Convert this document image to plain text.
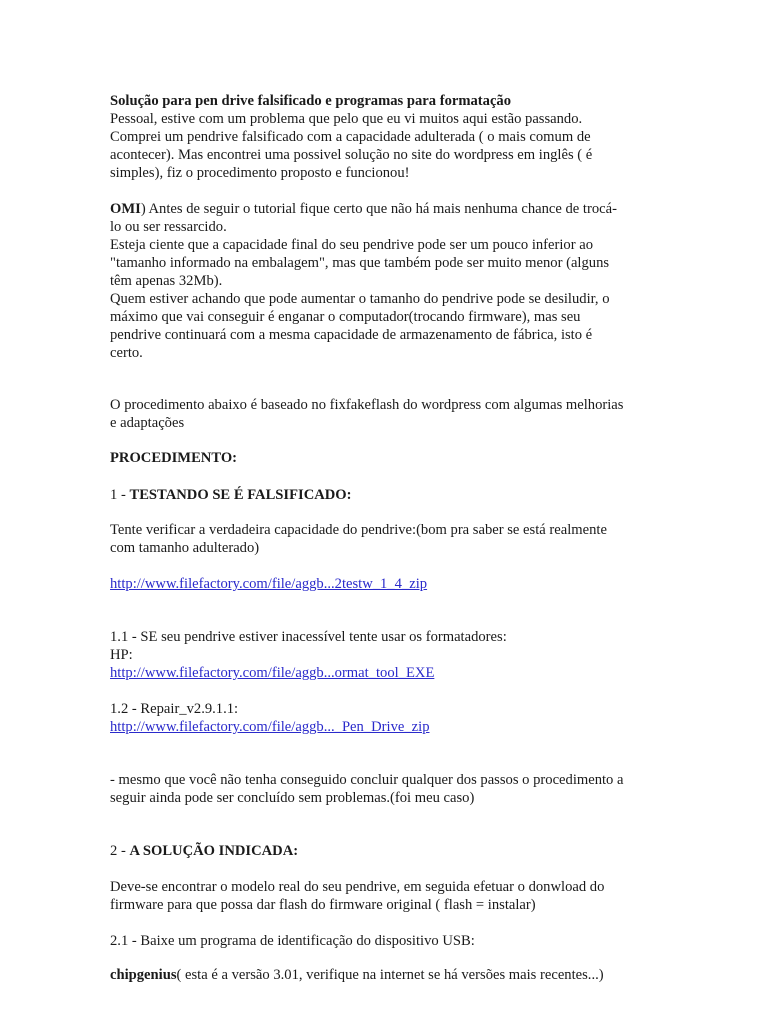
Solução para pen drive falsificado e programas para formatação
Pessoal, estive com um problema que pelo que eu vi muitos aqui estão passando.
Comprei um pendrive falsificado com a capacidade adulterada ( o mais comum de
acontecer). Mas encontrei uma possivel solução no site do wordpress em inglês ( é
simples), fiz o procedimento proposto e funcionou!
OMI) Antes de seguir o tutorial fique certo que não há mais nenhuma chance de trocá-
lo ou ser ressarcido.
Esteja ciente que a capacidade final do seu pendrive pode ser um pouco inferior ao
"tamanho informado na embalagem", mas que também pode ser muito menor (alguns
têm apenas 32Mb).
Quem estiver achando que pode aumentar o tamanho do pendrive pode se desiludir, o
máximo que vai conseguir é enganar o computador(trocando firmware), mas seu
pendrive continuará com a mesma capacidade de armazenamento de fábrica, isto é
certo.
O procedimento abaixo é baseado no fixfakeflash do wordpress com algumas melhorias
e adaptações
PROCEDIMENTO:
1 - TESTANDO SE É FALSIFICADO:
Tente verificar a verdadeira capacidade do pendrive:(bom pra saber se está realmente
com tamanho adulterado)
http://www.filefactory.com/file/aggb...2testw_1_4_zip
1.1 - SE seu pendrive estiver inacessível tente usar os formatadores:
HP:
http://www.filefactory.com/file/aggb...ormat_tool_EXE
1.2 - Repair_v2.9.1.1:
http://www.filefactory.com/file/aggb..._Pen_Drive_zip
- mesmo que você não tenha conseguido concluir qualquer dos passos o procedimento a
seguir ainda pode ser concluído sem problemas.(foi meu caso)
2 - A SOLUÇÃO INDICADA:
Deve-se encontrar o modelo real do seu pendrive, em seguida efetuar o donwload do
firmware para que possa dar flash do firmware original ( flash = instalar)
2.1 - Baixe um programa de identificação do dispositivo USB:
chipgenius( esta é a versão 3.01, verifique na internet se há versões mais recentes...)
